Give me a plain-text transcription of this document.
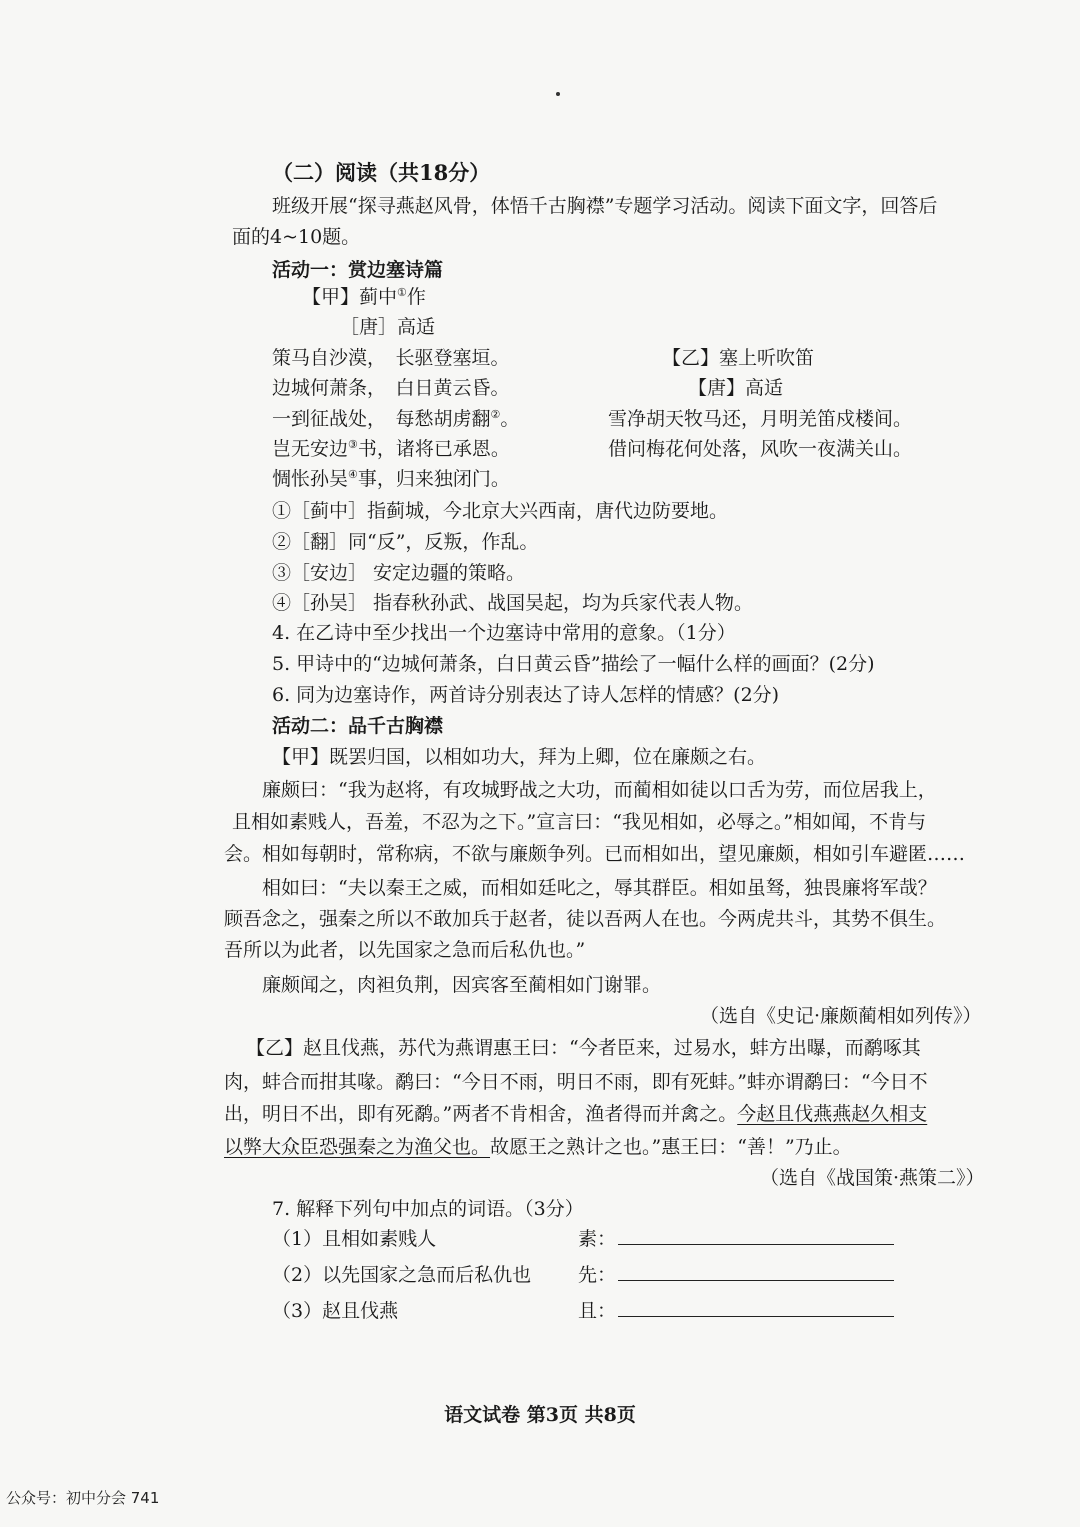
（二）阅读（共18分）
班级开展“探寻燕赵风骨，体悟千古胸襟”专题学习活动。阅读下面文字，回答后
面的4~10题。
活动一：赏边塞诗篇
【甲】蓟中①作
［唐］高适
策马自沙漠，　长驱登塞垣。
边城何萧条，　白日黄云昏。
一到征战处，　每愁胡虏翻②。
岂无安边③书，诸将已承恩。
惆怅孙吴④事，归来独闭门。
【乙】塞上听吹笛
【唐】高适
雪净胡天牧马还，月明羌笛戍楼间。
借问梅花何处落，风吹一夜满关山。
①［蓟中］指蓟城，今北京大兴西南，唐代边防要地。
②［翻］同“反”，反叛，作乱。
③［安边］ 安定边疆的策略。
④［孙吴］ 指春秋孙武、战国吴起，均为兵家代表人物。
4. 在乙诗中至少找出一个边塞诗中常用的意象。（1分）
5. 甲诗中的“边城何萧条，白日黄云昏”描绘了一幅什么样的画面？(2分)
6. 同为边塞诗作，两首诗分别表达了诗人怎样的情感？(2分)
活动二：品千古胸襟
【甲】既罢归国，以相如功大，拜为上卿，位在廉颇之右。
廉颇曰：“我为赵将，有攻城野战之大功，而蔺相如徒以口舌为劳，而位居我上，
且相如素贱人，吾羞，不忍为之下。”宣言曰：“我见相如，必辱之。”相如闻，不肯与
会。相如每朝时，常称病，不欲与廉颇争列。已而相如出，望见廉颇，相如引车避匿……
相如曰：“夫以秦王之威，而相如廷叱之，辱其群臣。相如虽驽，独畏廉将军哉？
顾吾念之，强秦之所以不敢加兵于赵者，徒以吾两人在也。今两虎共斗，其势不俱生。
吾所以为此者，以先国家之急而后私仇也。”
廉颇闻之，肉袒负荆，因宾客至蔺相如门谢罪。
（选自《史记·廉颇蔺相如列传》）
【乙】赵且伐燕，苏代为燕谓惠王曰：“今者臣来，过易水，蚌方出曝，而鹬啄其
肉，蚌合而拑其喙。鹬曰：“今日不雨，明日不雨，即有死蚌。”蚌亦谓鹬曰：“今日不
出，明日不出，即有死鹬。”两者不肯相舍，渔者得而并禽之。今赵且伐燕燕赵久相支
以弊大众臣恐强秦之为渔父也。故愿王之熟计之也。”惠王曰：“善！”乃止。
（选自《战国策·燕策二》）
7. 解释下列句中加点的词语。（3分）
（1）且相如素贱人	素：
（2）以先国家之急而后私仇也 先：
（3）赵且伐燕	且：
语文试卷 第3页 共8页
公众号：初中分会 741
